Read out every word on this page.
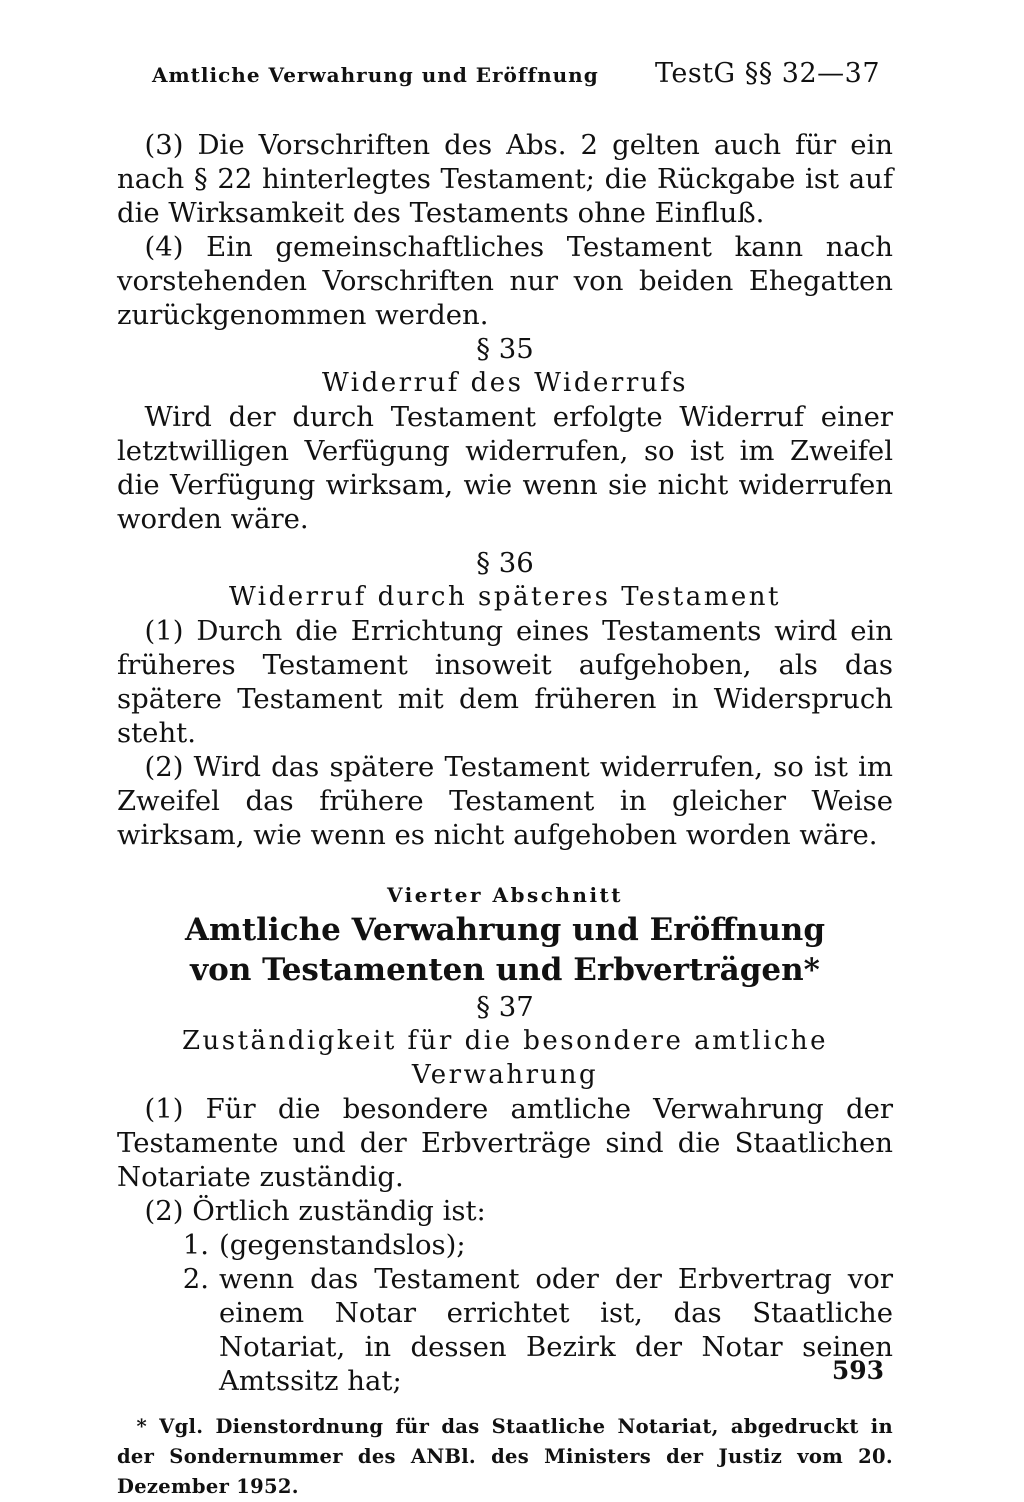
Amtliche Verwahrung und Eröffnung TestG §§ 32—37

(3) Die Vorschriften des Abs. 2 gelten auch für ein nach § 22 hinterlegtes Testament; die Rückgabe ist auf die Wirksamkeit des Testaments ohne Einfluß.

(4) Ein gemeinschaftliches Testament kann nach vorstehenden Vorschriften nur von beiden Ehegatten zurückgenommen werden.

§ 35

Widerruf des Widerrufs

Wird der durch Testament erfolgte Widerruf einer letztwilligen Verfügung widerrufen, so ist im Zweifel die Verfügung wirksam, wie wenn sie nicht widerrufen worden wäre.

§ 36

Widerruf durch späteres Testament

(1) Durch die Errichtung eines Testaments wird ein früheres Testament insoweit aufgehoben, als das spätere Testament mit dem früheren in Widerspruch steht.

(2) Wird das spätere Testament widerrufen, so ist im Zweifel das frühere Testament in gleicher Weise wirksam, wie wenn es nicht aufgehoben worden wäre.

Vierter Abschnitt

Amtliche Verwahrung und Eröffnung

von Testamenten und Erbverträgen*

§ 37

Zuständigkeit für die besondere amtliche

Verwahrung

(1) Für die besondere amtliche Verwahrung der Testamente und der Erbverträge sind die Staatlichen Notariate zuständig.

(2) Örtlich zuständig ist:

1. (gegenstandslos);
2. wenn das Testament oder der Erbvertrag vor einem Notar errichtet ist, das Staatliche Notariat, in dessen Bezirk der Notar seinen Amtssitz hat;

* Vgl. Dienstordnung für das Staatliche Notariat, abgedruckt in der Sondernummer des ANBl. des Ministers der Justiz vom 20. Dezember 1952.

593
